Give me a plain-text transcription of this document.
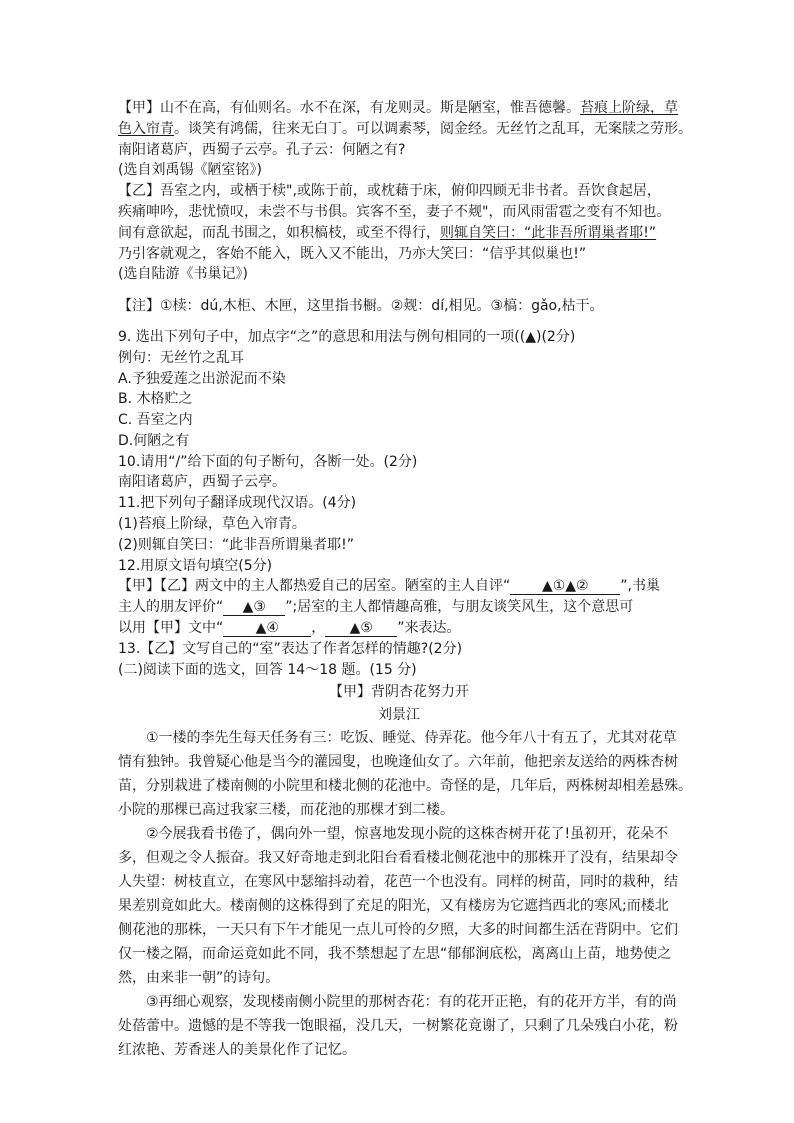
【甲】山不在高，有仙则名。水不在深，有龙则灵。斯是陋室，惟吾德馨。苔痕上阶绿，草
色入帘青。谈笑有鸿儒，往来无白丁。可以调素琴，阅金经。无丝竹之乱耳，无案牍之劳形。
南阳诸葛庐，西蜀子云亭。孔子云：何陋之有?
(选自刘禹锡《陋室铭》)
【乙】吾室之内，或栖于椟",或陈于前，或枕藉于床，俯仰四顾无非书者。吾饮食起居，
疾痛呻吟，悲忧愤叹，未尝不与书俱。宾客不至，妻子不觌"，而风雨雷雹之变有不知也。
间有意欲起，而乱书围之，如积槁枝，或至不得行，则辄自笑曰：“此非吾所谓巢者耶!”
乃引客就观之，客始不能入，既入又不能出，乃亦大笑曰：“信乎其似巢也!”
(选自陆游《书巢记》)
【注】①椟：dú,木柜、木匣，这里指书橱。②觌：dí,相见。③槁：gǎo,枯干。
9. 选出下列句子中，加点字“之”的意思和用法与例句相同的一项((▲)(2分)
例句：无丝竹之乱耳
A.予独爱莲之出淤泥而不染
B. 木格贮之
C. 吾室之内
D.何陋之有
10.请用“/”给下面的句子断句，各断一处。(2分)
南阳诸葛庐，西蜀子云亭。
11.把下列句子翻译成现代汉语。(4分)
(1)苔痕上阶绿，草色入帘青。
(2)则辄自笑曰：“此非吾所谓巢者耶!”
12.用原文语句填空(5分)
【甲】【乙】两文中的主人都热爱自己的居室。陋室的主人自评“ ▲①▲② ”,书巢
主人的朋友评价“ ▲③ ”;居室的主人都情趣高雅，与朋友谈笑风生，这个意思可
以用【甲】文中“ ▲④ ， ▲⑤ ”来表达。
13.【乙】文写自己的“室”表达了作者怎样的情趣?(2分)
(二)阅读下面的选文，回答 14～18 题。(15 分)
【甲】背阴杏花努力开
刘景江
①一楼的李先生每天任务有三：吃饭、睡觉、侍弄花。他今年八十有五了，尤其对花草
情有独钟。我曾疑心他是当今的灌园叟，也晚逢仙女了。六年前，他把亲友送给的两株杏树
苗，分别栽进了楼南侧的小院里和楼北侧的花池中。奇怪的是，几年后，两株树却相差悬殊。
小院的那棵已高过我家三楼，而花池的那棵才到二楼。
②今展我看书倦了，偶向外一望，惊喜地发现小院的这株杏树开花了!虽初开，花朵不
多，但观之令人振奋。我又好奇地走到北阳台看看楼北侧花池中的那株开了没有，结果却令
人失望：树枝直立，在寒风中瑟缩抖动着，花芭一个也没有。同样的树苗，同时的栽种，结
果差别竟如此大。楼南侧的这株得到了充足的阳光，又有楼房为它遮挡西北的寒风;而楼北
侧花池的那株，一天只有下午才能见一点儿可怜的夕照，大多的时间都生活在背阴中。它们
仅一楼之隔，而命运竟如此不同，我不禁想起了左思“郁郁涧底松，离离山上苗，地势使之
然，由来非一朝”的诗句。
③再细心观察，发现楼南侧小院里的那树杏花：有的花开正艳，有的花开方半，有的尚
处蓓蕾中。遗憾的是不等我一饱眼福，没几天，一树繁花竟谢了，只剩了几朵残白小花，粉
红浓艳、芳香迷人的美景化作了记忆。
